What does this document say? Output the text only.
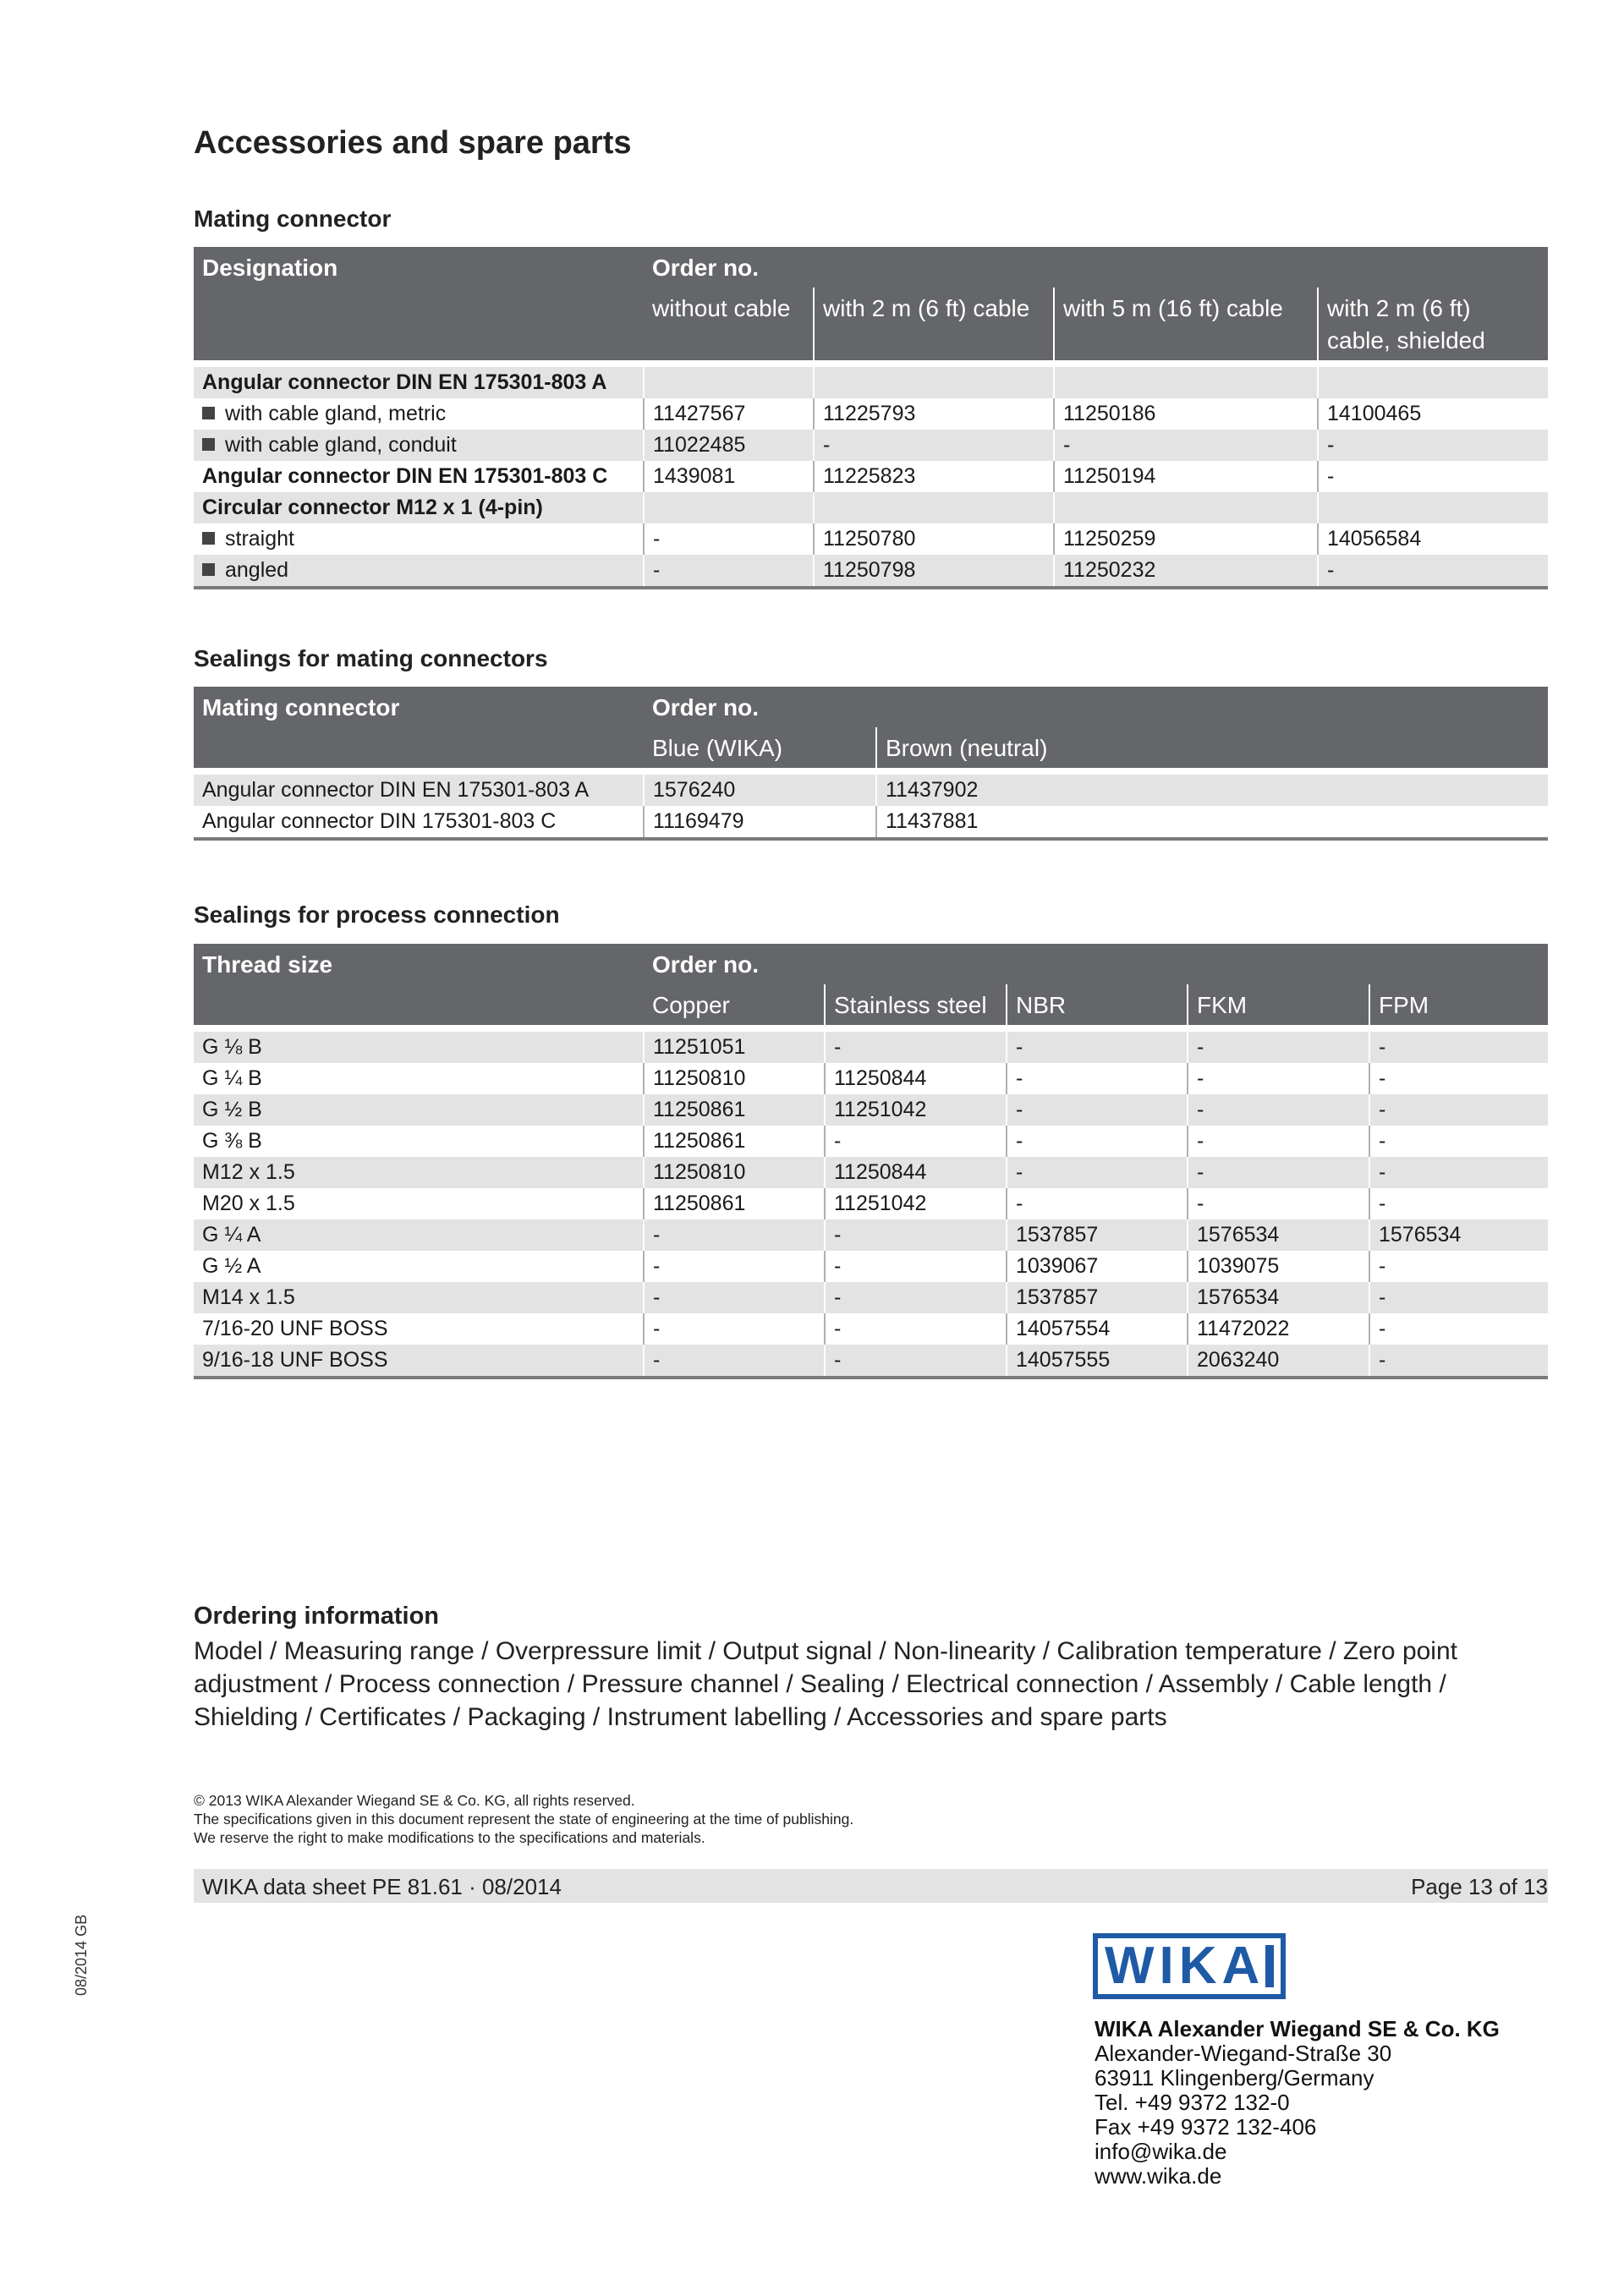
Accessories and spare parts
Mating connector
Designation	Order no.			
	without cable	with 2 m (6 ft) cable	with 5 m (16 ft) cable	with 2 m (6 ft) cable, shielded

Angular connector DIN EN 175301-803 A				
with cable gland, metric	11427567	11225793	11250186	14100465
with cable gland, conduit	11022485	-	-	-
Angular connector DIN EN 175301-803 C	1439081	11225823	11250194	-
Circular connector M12 x 1 (4-pin)				
straight	-	11250780	11250259	14056584
angled	-	11250798	11250232	-
Sealings for mating connectors
Mating connector	Order no.	
	Blue (WIKA)	Brown (neutral)

Angular connector DIN EN 175301-803 A	1576240	11437902
Angular connector DIN 175301-803 C	11169479	11437881
Sealings for process connection
Thread size	Order no.				
	Copper	Stainless steel	NBR	FKM	FPM

G ⅛ B	11251051	-	-	-	-
G ¼ B	11250810	11250844	-	-	-
G ½ B	11250861	11251042	-	-	-
G ⅜ B	11250861	-	-	-	-
M12 x 1.5	11250810	11250844	-	-	-
M20 x 1.5	11250861	11251042	-	-	-
G ¼ A	-	-	1537857	1576534	1576534
G ½ A	-	-	1039067	1039075	-
M14 x 1.5	-	-	1537857	1576534	-
7/16-20 UNF BOSS	-	-	14057554	11472022	-
9/16-18 UNF BOSS	-	-	14057555	2063240	-
Ordering information
Model / Measuring range / Overpressure limit / Output signal / Non-linearity / Calibration temperature / Zero point adjustment / Process connection / Pressure channel / Sealing / Electrical connection / Assembly / Cable length / Shielding / Certificates / Packaging / Instrument labelling / Accessories and spare parts
© 2013 WIKA Alexander Wiegand SE & Co. KG, all rights reserved.
The specifications given in this document represent the state of engineering at the time of publishing.
We reserve the right to make modifications to the specifications and materials.
WIKA data sheet PE 81.61 · 08/2014	Page 13 of 13
08/2014 GB	WIKA
WIKA Alexander Wiegand SE & Co. KG
Alexander-Wiegand-Straße 30
63911 Klingenberg/Germany
Tel. +49 9372 132-0
Fax +49 9372 132-406
info@wika.de
www.wika.de
